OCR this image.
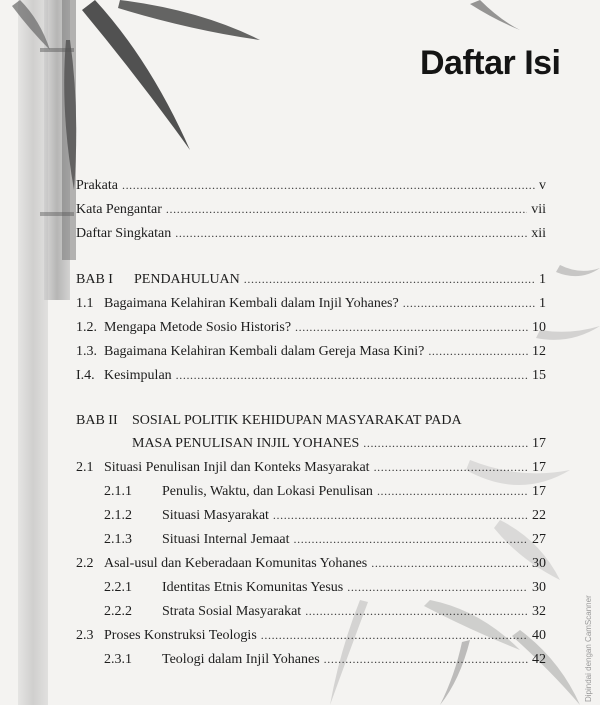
Daftar Isi
Prakata .....	v
Kata Pengantar .....	vii
Daftar Singkatan .....	xii
BAB I	PENDAHULUAN .....	1
1.1 Bagaimana Kelahiran Kembali dalam Injil Yohanes? .....	1
1.2. Mengapa Metode Sosio Historis? .....	10
1.3. Bagaimana Kelahiran Kembali dalam Gereja Masa Kini? .....	12
I.4. Kesimpulan .....	15
BAB II SOSIAL POLITIK KEHIDUPAN MASYARAKAT PADA
MASA PENULISAN INJIL YOHANES .....	17
2.1 Situasi Penulisan Injil dan Konteks Masyarakat .....	17
2.1.1	Penulis, Waktu, dan Lokasi Penulisan .....	17
2.1.2	Situasi Masyarakat .....	22
2.1.3	Situasi Internal Jemaat .....	27
2.2 Asal-usul dan Keberadaan Komunitas Yohanes .....	30
2.2.1	Identitas Etnis Komunitas Yesus .....	30
2.2.2	Strata Sosial Masyarakat .....	32
2.3 Proses Konstruksi Teologis .....	40
2.3.1	Teologi dalam Injil Yohanes .....	42	Dipindai dengan CamScanner
